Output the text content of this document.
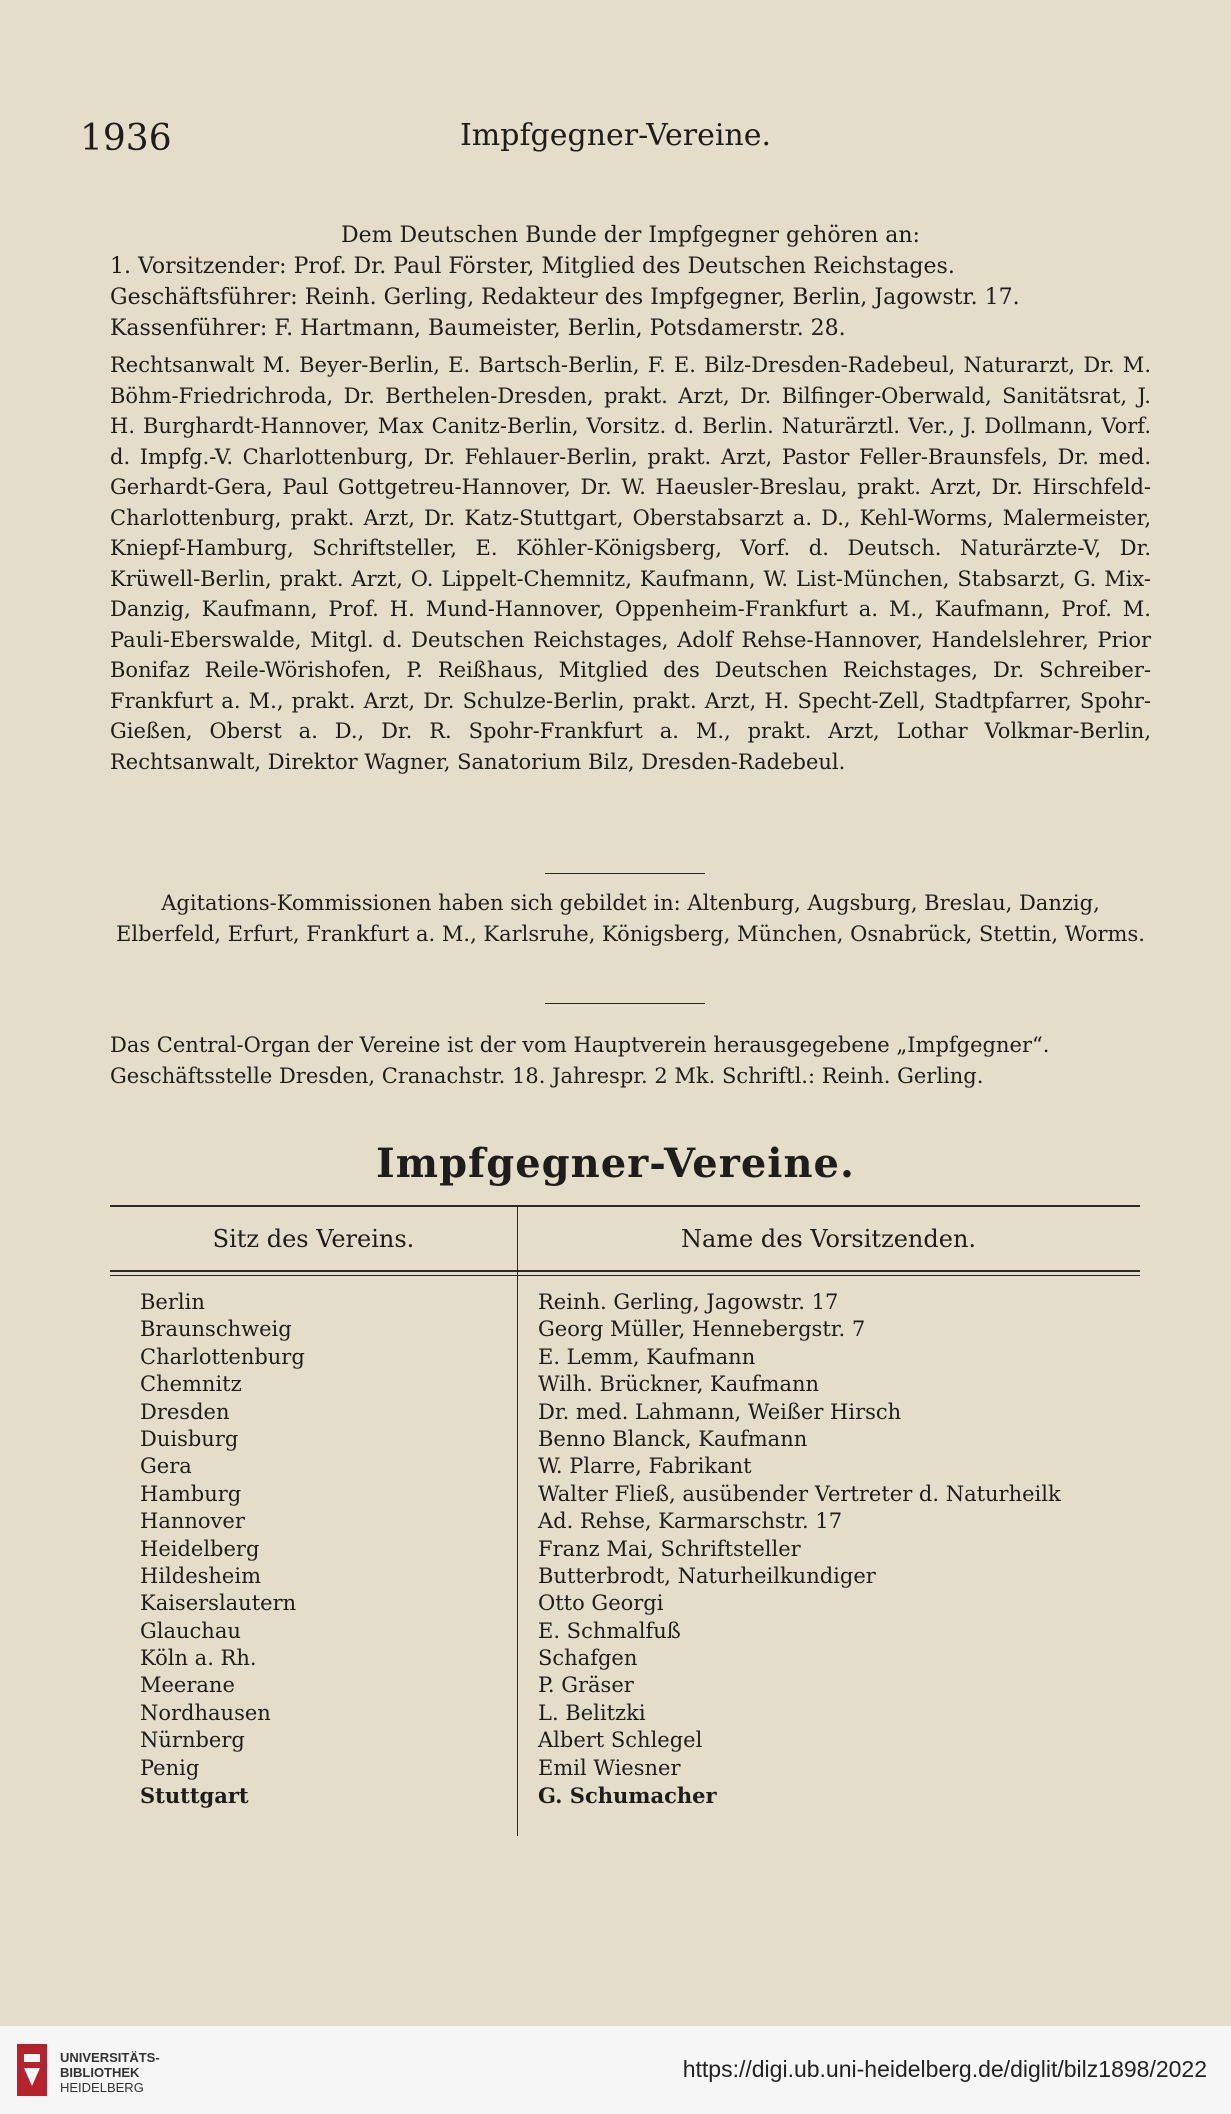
1936	Impfgegner-Vereine.
Dem Deutschen Bunde der Impfgegner gehören an:
1. Vorsitzender: Prof. Dr. Paul Förster, Mitglied des Deutschen Reichstages.
Geschäftsführer: Reinh. Gerling, Redakteur des Impfgegner, Berlin, Jagowstr. 17.
Kassenführer: F. Hartmann, Baumeister, Berlin, Potsdamerstr. 28.
Rechtsanwalt M. Beyer-Berlin, E. Bartsch-Berlin, F. E. Bilz-Dresden-Radebeul, Naturarzt, Dr. M. Böhm-Friedrichroda, Dr. Berthelen-Dresden, prakt. Arzt, Dr. Bilfinger-Oberwald, Sanitätsrat, J. H. Burghardt-Hannover, Max Canitz-Berlin, Vorsitz. d. Berlin. Naturärztl. Ver., J. Dollmann, Vorf. d. Impfg.-V. Charlottenburg, Dr. Fehlauer-Berlin, prakt. Arzt, Pastor Feller-Braunsfels, Dr. med. Gerhardt-Gera, Paul Gottgetreu-Hannover, Dr. W. Haeusler-Breslau, prakt. Arzt, Dr. Hirschfeld-Charlottenburg, prakt. Arzt, Dr. Katz-Stuttgart, Oberstabsarzt a. D., Kehl-Worms, Malermeister, Kniepf-Hamburg, Schriftsteller, E. Köhler-Königsberg, Vorf. d. Deutsch. Naturärzte-V, Dr. Krüwell-Berlin, prakt. Arzt, O. Lippelt-Chemnitz, Kaufmann, W. List-München, Stabsarzt, G. Mix-Danzig, Kaufmann, Prof. H. Mund-Hannover, Oppenheim-Frankfurt a. M., Kaufmann, Prof. M. Pauli-Eberswalde, Mitgl. d. Deutschen Reichstages, Adolf Rehse-Hannover, Handelslehrer, Prior Bonifaz Reile-Wörishofen, P. Reißhaus, Mitglied des Deutschen Reichstages, Dr. Schreiber-Frankfurt a. M., prakt. Arzt, Dr. Schulze-Berlin, prakt. Arzt, H. Specht-Zell, Stadtpfarrer, Spohr-Gießen, Oberst a. D., Dr. R. Spohr-Frankfurt a. M., prakt. Arzt, Lothar Volkmar-Berlin, Rechtsanwalt, Direktor Wagner, Sanatorium Bilz, Dresden-Radebeul.
Agitations-Kommissionen haben sich gebildet in: Altenburg, Augsburg, Breslau, Danzig, Elberfeld, Erfurt, Frankfurt a. M., Karlsruhe, Königsberg, München, Osnabrück, Stettin, Worms.
Das Central-Organ der Vereine ist der vom Hauptverein herausgegebene „Impfgegner“.
Geschäftsstelle Dresden, Cranachstr. 18. Jahrespr. 2 Mk. Schriftl.: Reinh. Gerling.
Impfgegner-Vereine.
Sitz des Vereins.	Name des Vorsitzenden.
Berlin	Reinh. Gerling, Jagowstr. 17
Braunschweig	Georg Müller, Hennebergstr. 7
Charlottenburg	E. Lemm, Kaufmann
Chemnitz	Wilh. Brückner, Kaufmann
Dresden	Dr. med. Lahmann, Weißer Hirsch
Duisburg	Benno Blanck, Kaufmann
Gera	W. Plarre, Fabrikant
Hamburg	Walter Fließ, ausübender Vertreter d. Naturheilk
Hannover	Ad. Rehse, Karmarschstr. 17
Heidelberg	Franz Mai, Schriftsteller
Hildesheim	Butterbrodt, Naturheilkundiger
Kaiserslautern	Otto Georgi
Glauchau	E. Schmalfuß
Köln a. Rh.	Schafgen
Meerane	P. Gräser
Nordhausen	L. Belitzki
Nürnberg	Albert Schlegel
Penig	Emil Wiesner
Stuttgart	G. Schumacher
UNIVERSITÄTS-
BIBLIOTHEK
HEIDELBERG
https://digi.ub.uni-heidelberg.de/diglit/bilz1898/2022
